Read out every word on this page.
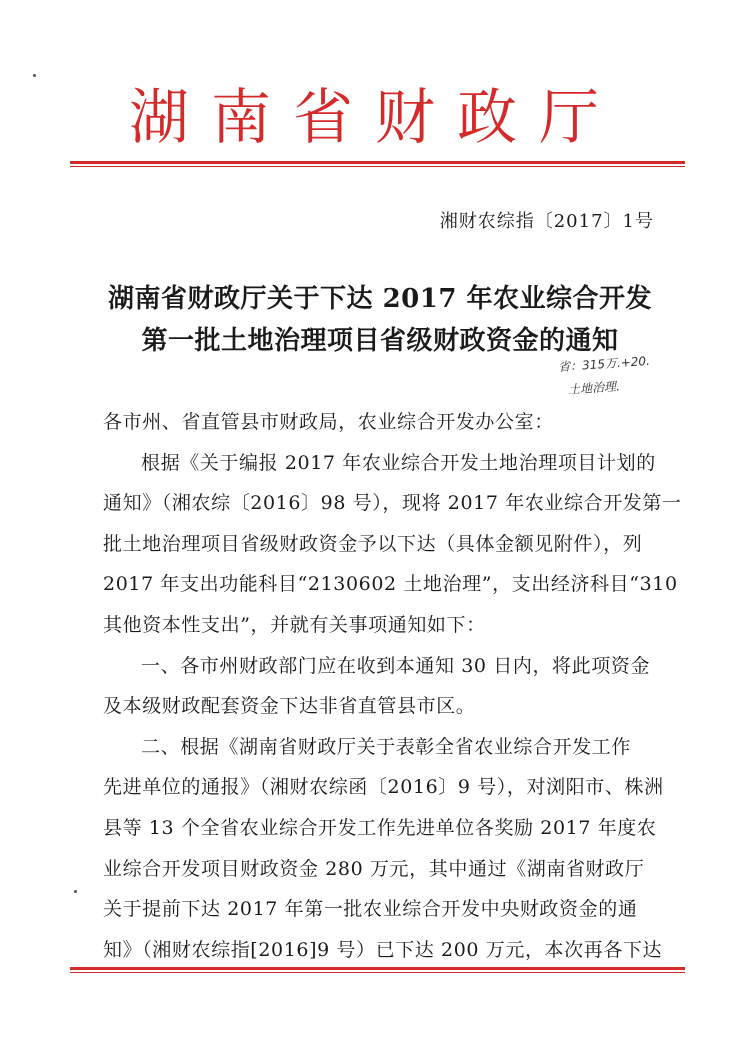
湖南省财政厅
湘财农综指〔2017〕1号
湖南省财政厅关于下达 2017 年农业综合开发
第一批土地治理项目省级财政资金的通知
省：315万.+20.
土地治理.

各市州、省直管县市财政局，农业综合开发办公室：

根据《关于编报 2017 年农业综合开发土地治理项目计划的
通知》（湘农综〔2016〕98 号），现将 2017 年农业综合开发第一
批土地治理项目省级财政资金予以下达（具体金额见附件），列
2017 年支出功能科目“2130602 土地治理”，支出经济科目“310
其他资本性支出”，并就有关事项通知如下：

一、各市州财政部门应在收到本通知 30 日内，将此项资金
及本级财政配套资金下达非省直管县市区。

二、根据《湖南省财政厅关于表彰全省农业综合开发工作
先进单位的通报》（湘财农综函〔2016〕9 号），对浏阳市、株洲
县等 13 个全省农业综合开发工作先进单位各奖励 2017 年度农
业综合开发项目财政资金 280 万元，其中通过《湖南省财政厅
关于提前下达 2017 年第一批农业综合开发中央财政资金的通
知》（湘财农综指[2016]9 号）已下达 200 万元，本次再各下达
